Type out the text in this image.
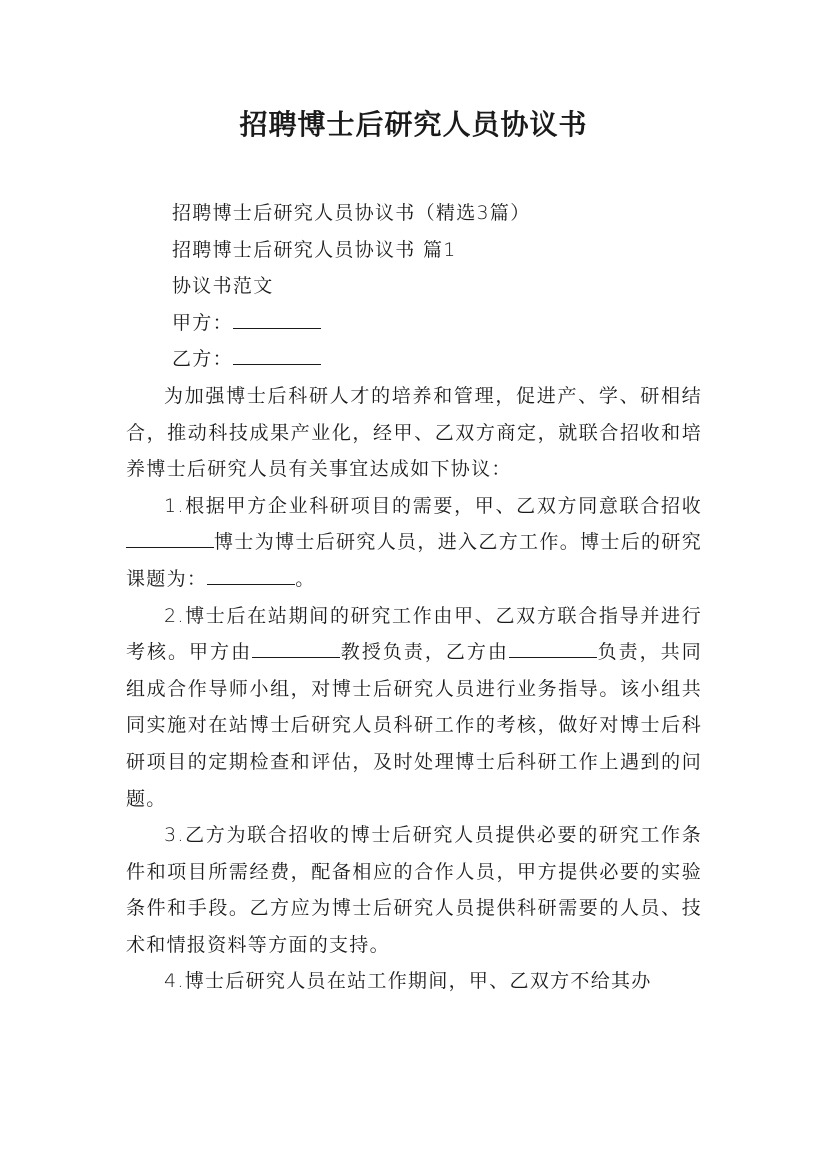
招聘博士后研究人员协议书

招聘博士后研究人员协议书（精选3篇）

招聘博士后研究人员协议书 篇1

协议书范文

甲方：

乙方：

为加强博士后科研人才的培养和管理，促进产、学、研相结合，推动科技成果产业化，经甲、乙双方商定，就联合招收和培养博士后研究人员有关事宜达成如下协议：

1.根据甲方企业科研项目的需要，甲、乙双方同意联合招收博士为博士后研究人员，进入乙方工作。博士后的研究课题为：	。

2.博士后在站期间的研究工作由甲、乙双方联合指导并进行考核。甲方由	教授负责，乙方由	负责，共同组成合作导师小组，对博士后研究人员进行业务指导。该小组共同实施对在站博士后研究人员科研工作的考核，做好对博士后科研项目的定期检查和评估，及时处理博士后科研工作上遇到的问题。

3.乙方为联合招收的博士后研究人员提供必要的研究工作条件和项目所需经费，配备相应的合作人员，甲方提供必要的实验条件和手段。乙方应为博士后研究人员提供科研需要的人员、技术和情报资料等方面的支持。

4.博士后研究人员在站工作期间，甲、乙双方不给其办
